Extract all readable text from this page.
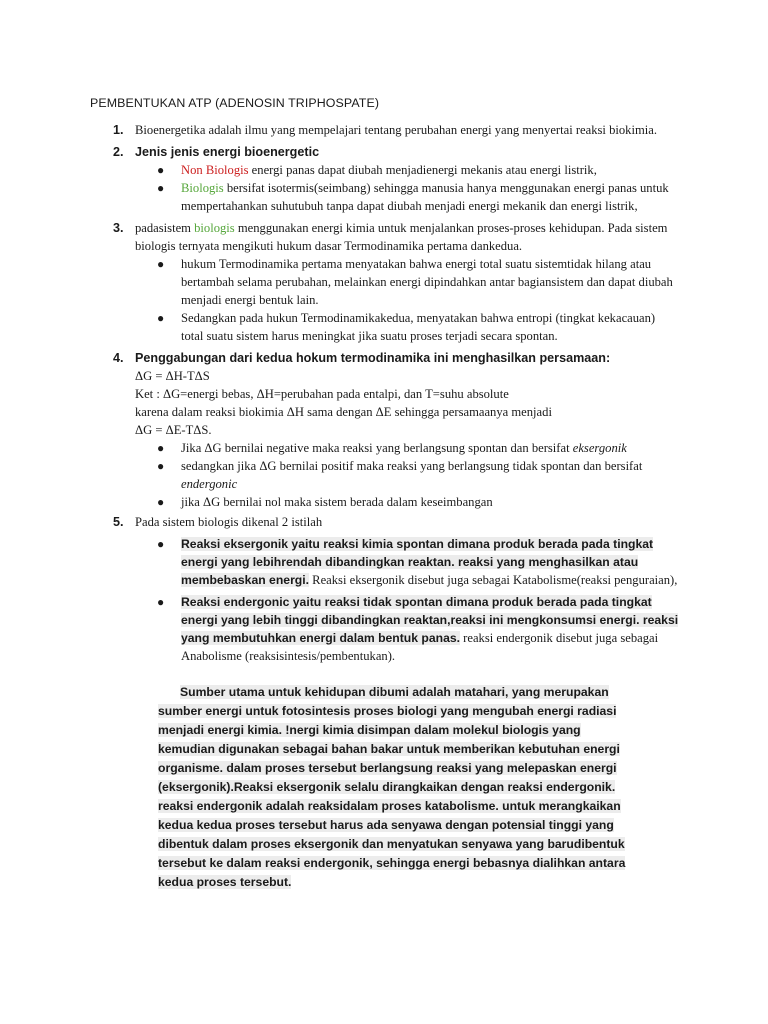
PEMBENTUKAN ATP (ADENOSIN TRIPHOSPATE)
1. Bioenergetika adalah ilmu yang mempelajari tentang perubahan energi yang menyertai reaksi biokimia.
2. Jenis jenis energi bioenergetic
● Non Biologis energi panas dapat diubah menjadienergi mekanis atau energi listrik,
● Biologis bersifat isotermis(seimbang) sehingga manusia hanya menggunakan energi panas untuk mempertahankan suhutubuh tanpa dapat diubah menjadi energi mekanik dan energi listrik,
3. padasistem biologis menggunakan energi kimia untuk menjalankan proses-proses kehidupan. Pada sistem biologis ternyata mengikuti hukum dasar Termodinamika pertama dankedua.
● hukum Termodinamika pertama menyatakan bahwa energi total suatu sistemtidak hilang atau bertambah selama perubahan, melainkan energi dipindahkan antar bagiansistem dan dapat diubah menjadi energi bentuk lain.
● Sedangkan pada hukun Termodinamikakedua, menyatakan bahwa entropi (tingkat kekacauan) total suatu sistem harus meningkat jika suatu proses terjadi secara spontan.
4. Penggabungan dari kedua hokum termodinamika ini menghasilkan persamaan:
ΔG = ΔH-TΔS
Ket : ΔG=energi bebas, ΔH=perubahan pada entalpi, dan T=suhu absolute
karena dalam reaksi biokimia ΔH sama dengan ΔE sehingga persamaanya menjadi
ΔG = ΔE-TΔS.
● Jika ΔG bernilai negative maka reaksi yang berlangsung spontan dan bersifat eksergonik
● sedangkan jika ΔG bernilai positif maka reaksi yang berlangsung tidak spontan dan bersifat endergonic
● jika ΔG bernilai nol maka sistem berada dalam keseimbangan
5. Pada sistem biologis dikenal 2 istilah
● Reaksi eksergonik yaitu reaksi kimia spontan dimana produk berada pada tingkat energi yang lebihrendah dibandingkan reaktan. reaksi yang menghasilkan atau membebaskan energi. Reaksi eksergonik disebut juga sebagai Katabolisme(reaksi penguraian),
● Reaksi endergonic yaitu reaksi tidak spontan dimana produk berada pada tingkat energi yang lebih tinggi dibandingkan reaktan,reaksi ini mengkonsumsi energi. reaksi yang membutuhkan energi dalam bentuk panas. reaksi endergonik disebut juga sebagai Anabolisme (reaksisintesis/pembentukan).
Sumber utama untuk kehidupan dibumi adalah matahari, yang merupakan sumber energi untuk fotosintesis proses biologi yang mengubah energi radiasi menjadi energi kimia. !nergi kimia disimpan dalam molekul biologis yang kemudian digunakan sebagai bahan bakar untuk memberikan kebutuhan energi organisme. dalam proses tersebut berlangsung reaksi yang melepaskan energi (eksergonik).Reaksi eksergonik selalu dirangkaikan dengan reaksi endergonik. reaksi endergonik adalah reaksidalam proses katabolisme. untuk merangkaikan kedua kedua proses tersebut harus ada senyawa dengan potensial tinggi yang dibentuk dalam proses eksergonik dan menyatukan senyawa yang barudibentuk tersebut ke dalam reaksi endergonik, sehingga energi bebasnya dialihkan antara kedua proses tersebut.
